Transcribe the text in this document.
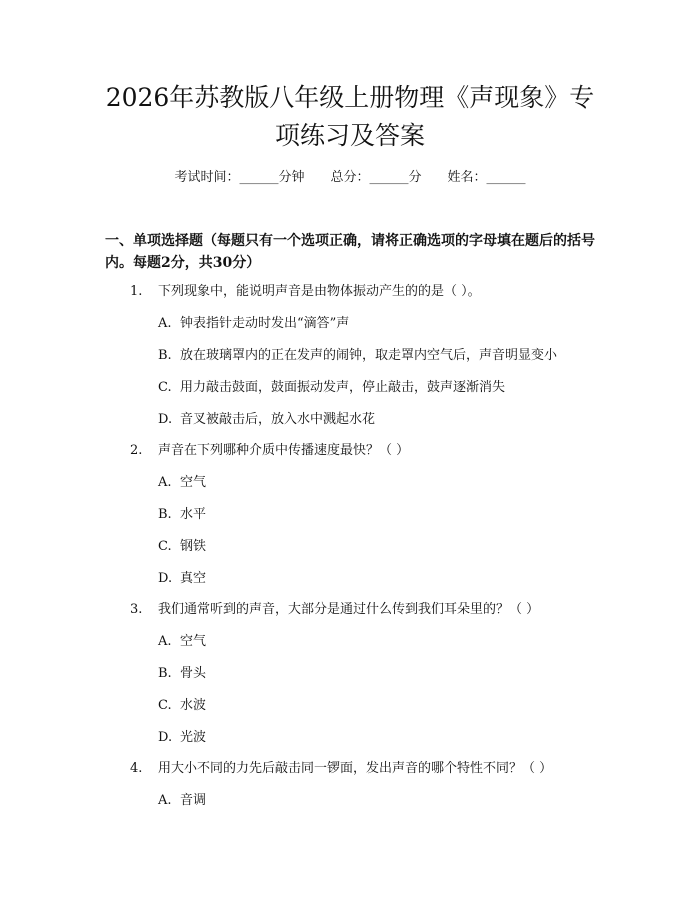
2026年苏教版八年级上册物理《声现象》专
项练习及答案
考试时间：______分钟 总分：______分 姓名：______
一、单项选择题（每题只有一个选项正确，请将正确选项的字母填在题后的括号
内。每题2分，共30分）
1. 下列现象中，能说明声音是由物体振动产生的的是（ ）。
A. 钟表指针走动时发出“滴答”声
B. 放在玻璃罩内的正在发声的闹钟，取走罩内空气后，声音明显变小
C. 用力敲击鼓面，鼓面振动发声，停止敲击，鼓声逐渐消失
D. 音叉被敲击后，放入水中溅起水花
2. 声音在下列哪种介质中传播速度最快？（ ）
A. 空气
B. 水平
C. 钢铁
D. 真空
3. 我们通常听到的声音，大部分是通过什么传到我们耳朵里的？（ ）
A. 空气
B. 骨头
C. 水波
D. 光波
4. 用大小不同的力先后敲击同一锣面，发出声音的哪个特性不同？（ ）
A. 音调
